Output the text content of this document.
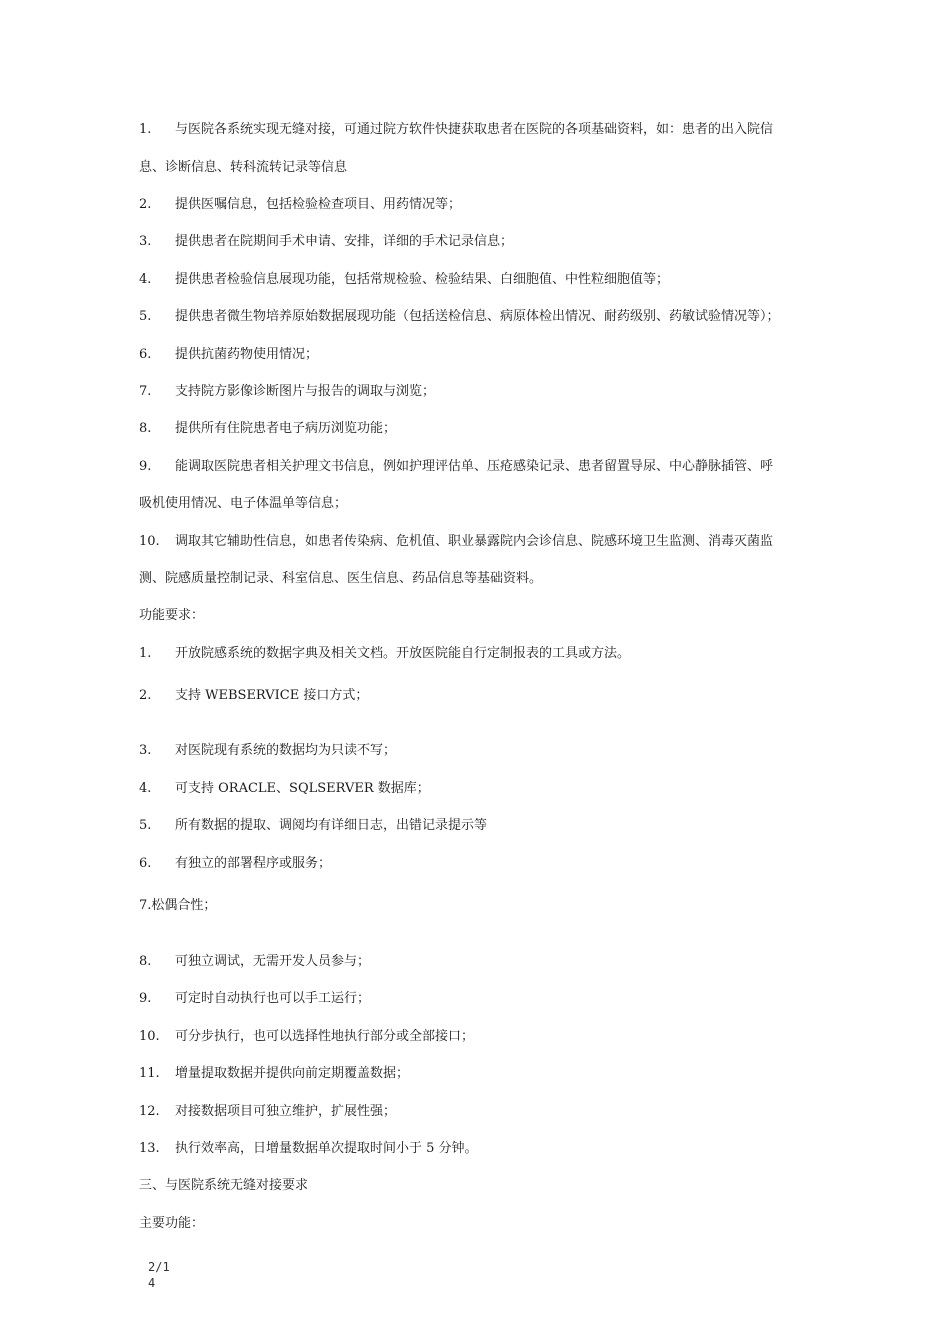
1. 与医院各系统实现无缝对接，可通过院方软件快捷获取患者在医院的各项基础资料，如：患者的出入院信
息、诊断信息、转科流转记录等信息
2. 提供医嘱信息，包括检验检查项目、用药情况等；
3. 提供患者在院期间手术申请、安排，详细的手术记录信息；
4. 提供患者检验信息展现功能，包括常规检验、检验结果、白细胞值、中性粒细胞值等；
5. 提供患者微生物培养原始数据展现功能（包括送检信息、病原体检出情况、耐药级别、药敏试验情况等）；
6. 提供抗菌药物使用情况；
7. 支持院方影像诊断图片与报告的调取与浏览；
8. 提供所有住院患者电子病历浏览功能；
9. 能调取医院患者相关护理文书信息，例如护理评估单、压疮感染记录、患者留置导尿、中心静脉插管、呼
吸机使用情况、电子体温单等信息；
10. 调取其它辅助性信息，如患者传染病、危机值、职业暴露院内会诊信息、院感环境卫生监测、消毒灭菌监
测、院感质量控制记录、科室信息、医生信息、药品信息等基础资料。
功能要求：
1. 开放院感系统的数据字典及相关文档。开放医院能自行定制报表的工具或方法。
2. 支持 WEBSERVICE 接口方式；
3. 对医院现有系统的数据均为只读不写；
4. 可支持 ORACLE、SQLSERVER 数据库；
5. 所有数据的提取、调阅均有详细日志，出错记录提示等
6. 有独立的部署程序或服务；
7.松偶合性；
8. 可独立调试，无需开发人员参与；
9. 可定时自动执行也可以手工运行；
10. 可分步执行，也可以选择性地执行部分或全部接口；
11. 增量提取数据并提供向前定期覆盖数据；
12. 对接数据项目可独立维护，扩展性强；
13. 执行效率高，日增量数据单次提取时间小于 5 分钟。
三、与医院系统无缝对接要求
主要功能：
2/1
4
